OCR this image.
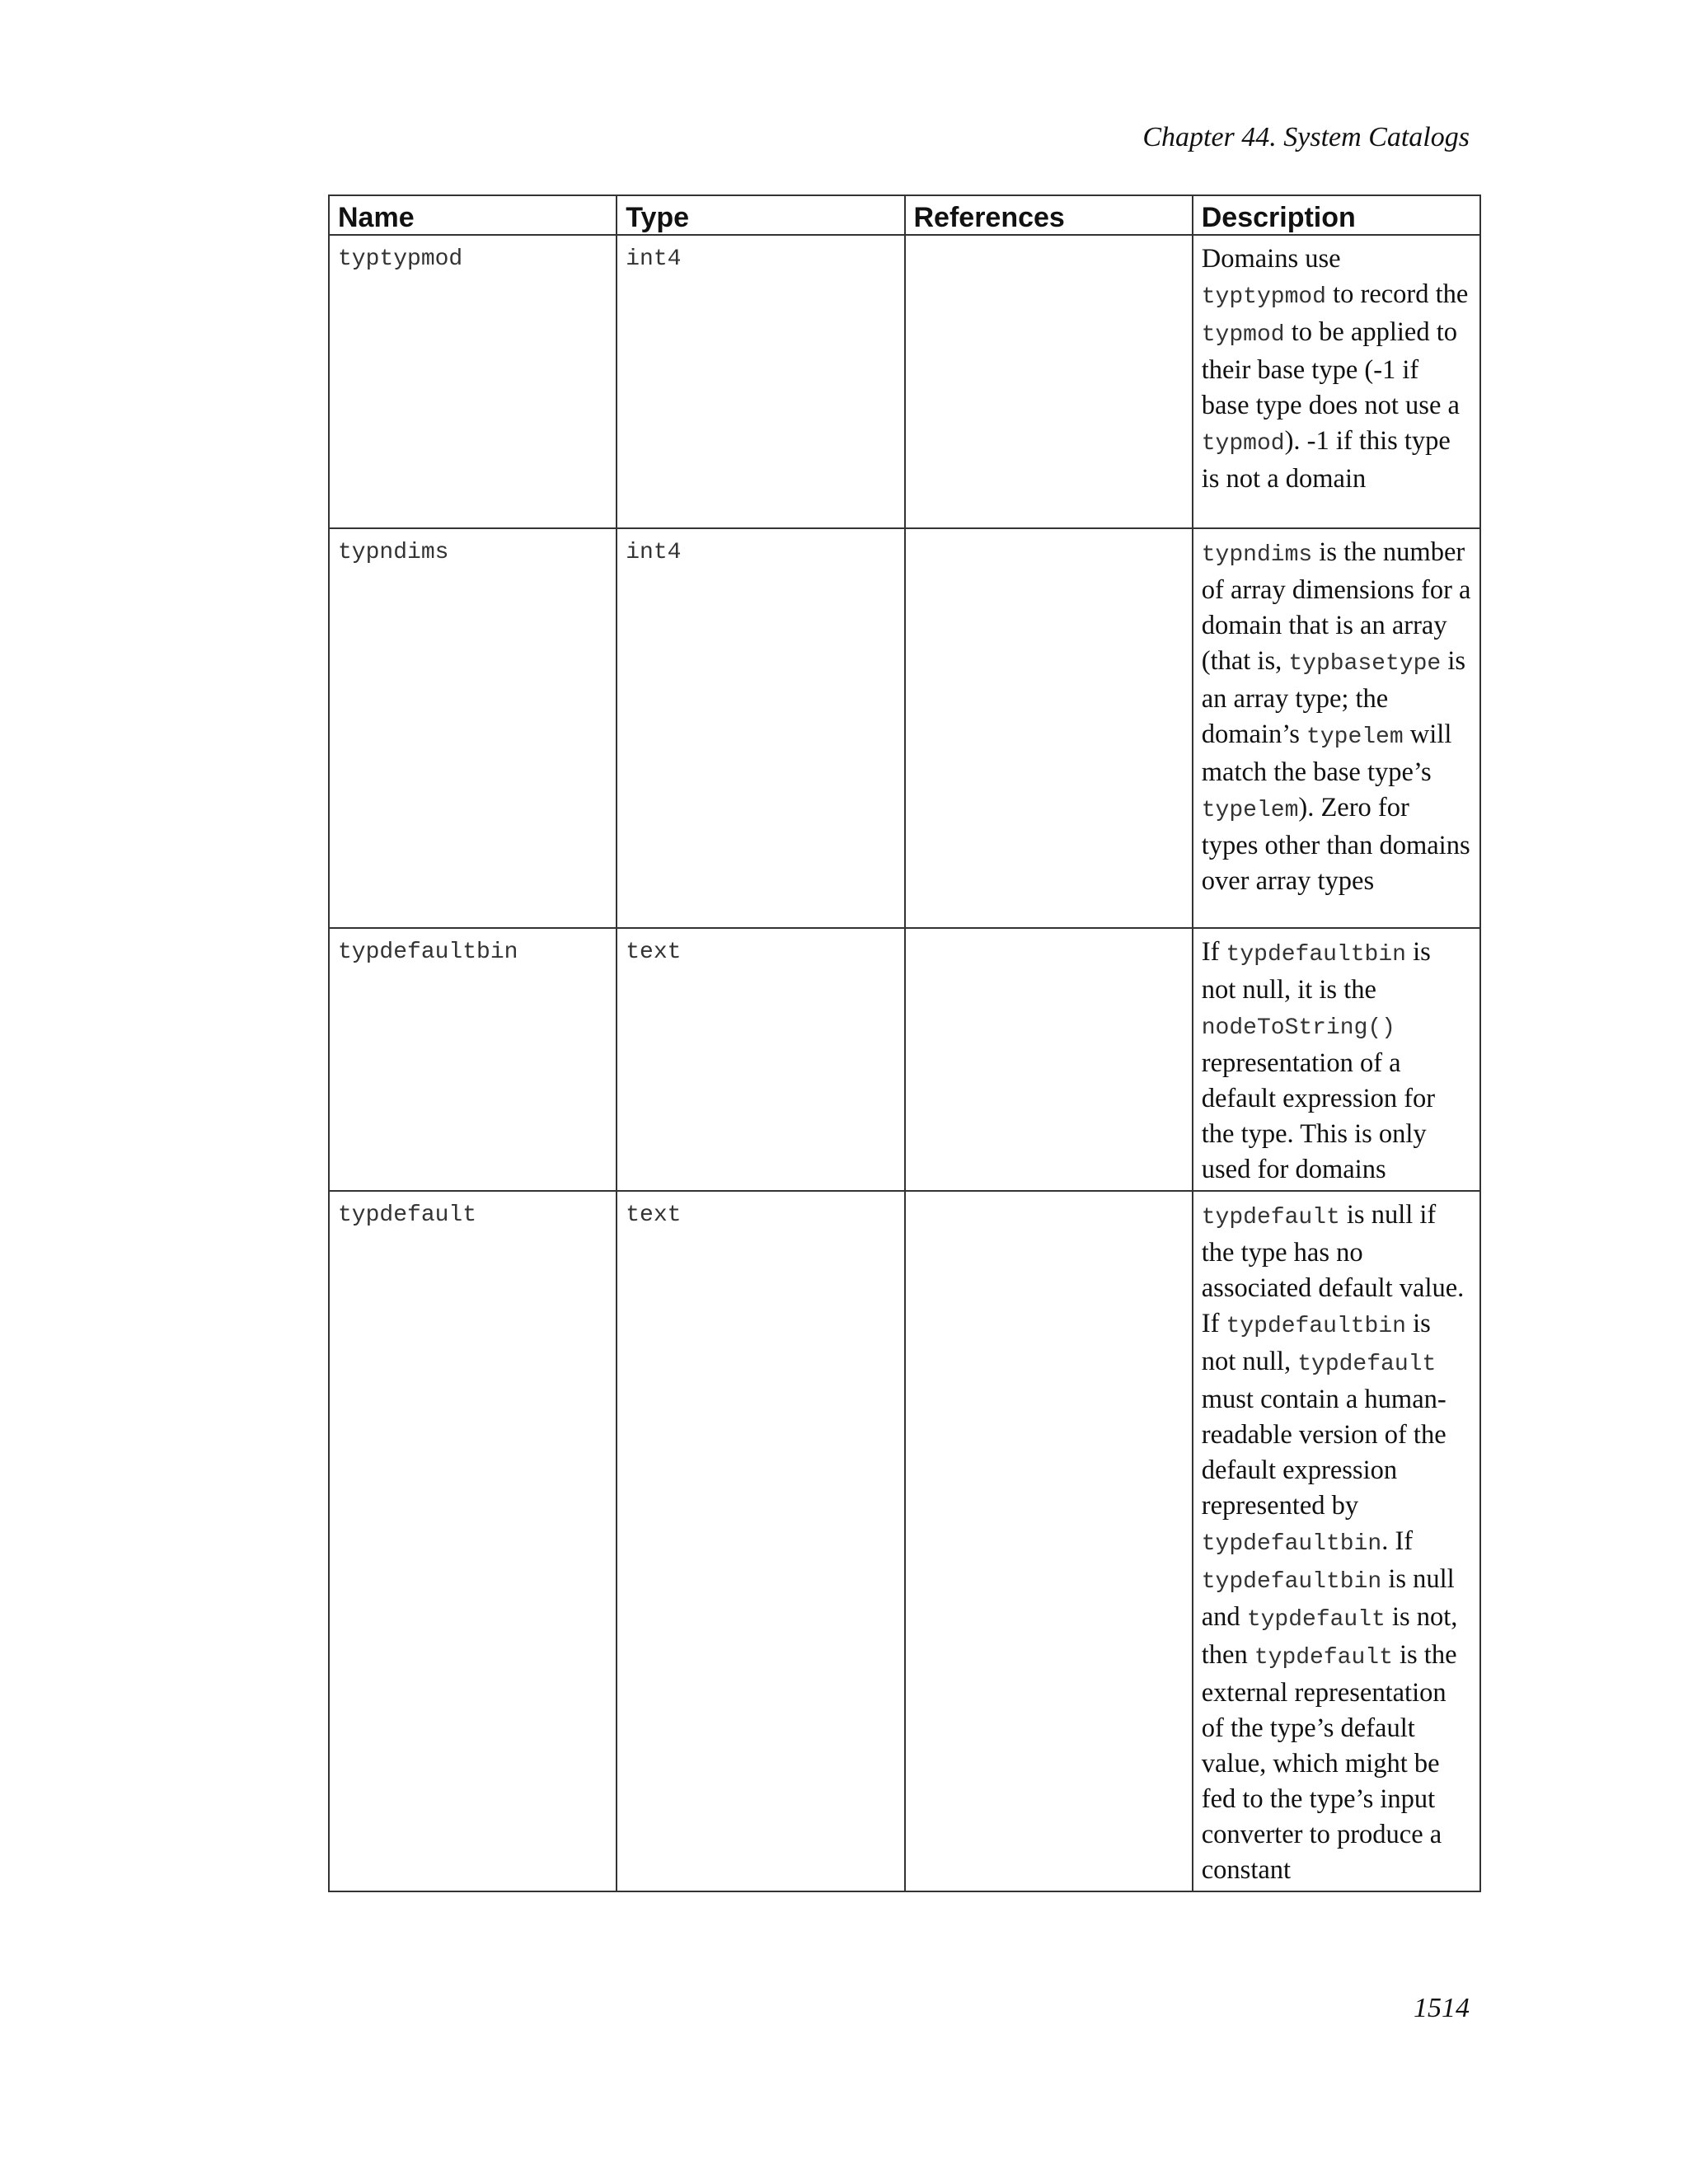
Chapter 44. System Catalogs
Name	Type	References	Description
typtypmod	int4		Domains use typtypmod to record the typmod to be applied to their base type (-1 if base type does not use a typmod). -1 if this type is not a domain
typndims	int4		typndims is the number of array dimensions for a domain that is an array (that is, typbasetype is an array type; the domain’s typelem will match the base type’s typelem). Zero for types other than domains over array types
typdefaultbin	text		If typdefaultbin is not null, it is the nodeToString() representation of a default expression for the type. This is only used for domains
typdefault	text		typdefault is null if the type has no associated default value. If typdefaultbin is not null, typdefault must contain a human-readable version of the default expression represented by typdefaultbin. If typdefaultbin is null and typdefault is not, then typdefault is the external representation of the type’s default value, which might be fed to the type’s input converter to produce a constant
1514
